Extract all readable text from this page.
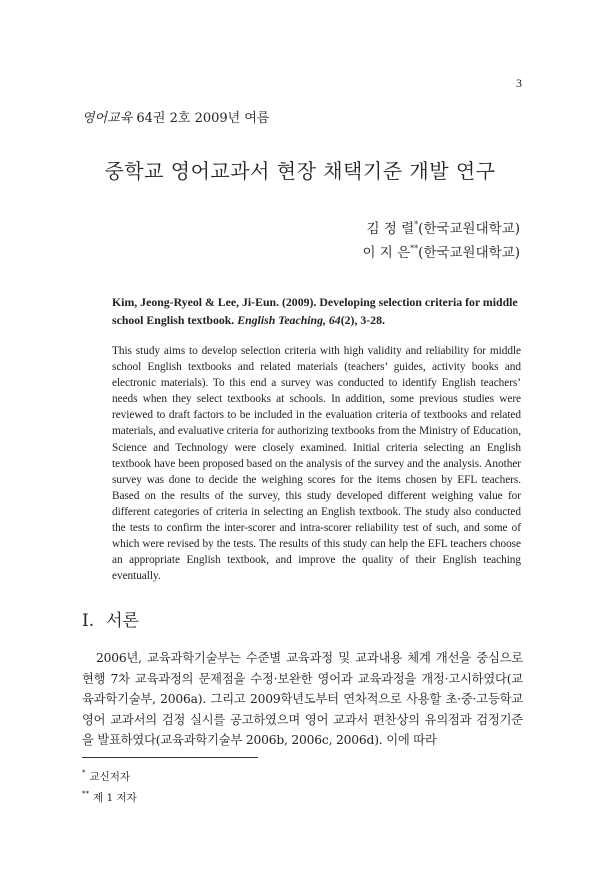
3
영어교육 64권 2호 2009년 여름
중학교 영어교과서 현장 채택기준 개발 연구
김 정 렬*(한국교원대학교)
이 지 은**(한국교원대학교)
Kim, Jeong-Ryeol & Lee, Ji-Eun. (2009). Developing selection criteria for middle school English textbook. English Teaching, 64(2), 3-28.
This study aims to develop selection criteria with high validity and reliability for middle school English textbooks and related materials (teachers’ guides, activity books and electronic materials). To this end a survey was conducted to identify English teachers’ needs when they select textbooks at schools. In addition, some previous studies were reviewed to draft factors to be included in the evaluation criteria of textbooks and related materials, and evaluative criteria for authorizing textbooks from the Ministry of Education, Science and Technology were closely examined. Initial criteria selecting an English textbook have been proposed based on the analysis of the survey and the analysis. Another survey was done to decide the weighing scores for the items chosen by EFL teachers. Based on the results of the survey, this study developed different weighing value for different categories of criteria in selecting an English textbook. The study also conducted the tests to confirm the inter-scorer and intra-scorer reliability test of such, and some of which were revised by the tests. The results of this study can help the EFL teachers choose an appropriate English textbook, and improve the quality of their English teaching eventually.
Ⅰ. 서론
2006년, 교육과학기술부는 수준별 교육과정 및 교과내용 체계 개선을 중심으로 현행 7차 교육과정의 문제점을 수정·보완한 영어과 교육과정을 개정·고시하였다(교육과학기술부, 2006a). 그리고 2009학년도부터 연차적으로 사용할 초·중·고등학교 영어 교과서의 검정 실시를 공고하였으며 영어 교과서 편찬상의 유의점과 검정기준을 발표하였다(교육과학기술부 2006b, 2006c, 2006d). 이에 따라
* 교신저자
** 제 1 저자
